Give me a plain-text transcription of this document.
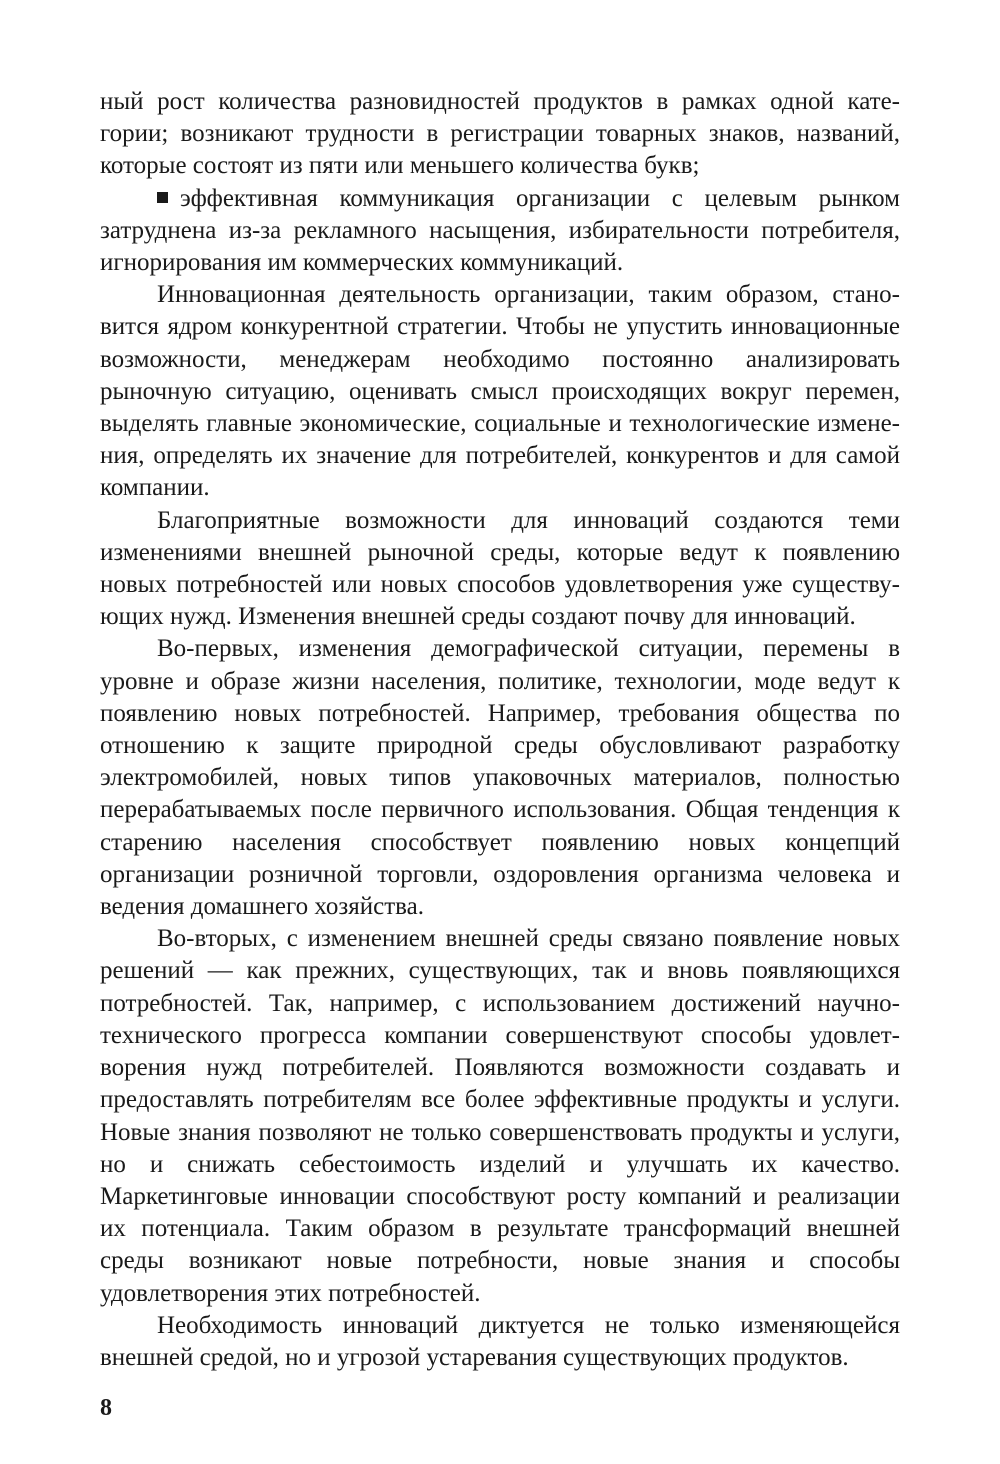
ный рост количества разновидностей продуктов в рамках одной категории; возникают трудности в регистрации товарных знаков, названий, которые состоят из пяти или меньшего количества букв;

эффективная коммуникация организации с целевым рынком затруднена из-за рекламного насыщения, избирательности потребителя, игнорирования им коммерческих коммуникаций.

Инновационная деятельность организации, таким образом, становится ядром конкурентной стратегии. Чтобы не упустить инновационные возможности, менеджерам необходимо постоянно анализировать рыночную ситуацию, оценивать смысл происходящих вокруг перемен, выделять главные экономические, социальные и технологические изменения, определять их значение для потребителей, конкурентов и для самой компании.

Благоприятные возможности для инноваций создаются теми изменениями внешней рыночной среды, которые ведут к появлению новых потребностей или новых способов удовлетворения уже существующих нужд. Изменения внешней среды создают почву для инноваций.

Во-первых, изменения демографической ситуации, перемены в уровне и образе жизни населения, политике, технологии, моде ведут к появлению новых потребностей. Например, требования общества по отношению к защите природной среды обусловливают разработку электромобилей, новых типов упаковочных материалов, полностью перерабатываемых после первичного использования. Общая тенденция к старению населения способствует появлению новых концепций организации розничной торговли, оздоровления организма человека и ведения домашнего хозяйства.

Во-вторых, с изменением внешней среды связано появление новых решений — как прежних, существующих, так и вновь появляющихся потребностей. Так, например, с использованием достижений научно-технического прогресса компании совершенствуют способы удовлетворения нужд потребителей. Появляются возможности создавать и предоставлять потребителям все более эффективные продукты и услуги. Новые знания позволяют не только совершенствовать продукты и услуги, но и снижать себестоимость изделий и улучшать их качество. Маркетинговые инновации способствуют росту компаний и реализации их потенциала. Таким образом в результате трансформаций внешней среды возникают новые потребности, новые знания и способы удовлетворения этих потребностей.

Необходимость инноваций диктуется не только изменяющейся внешней средой, но и угрозой устаревания существующих продуктов.

8
